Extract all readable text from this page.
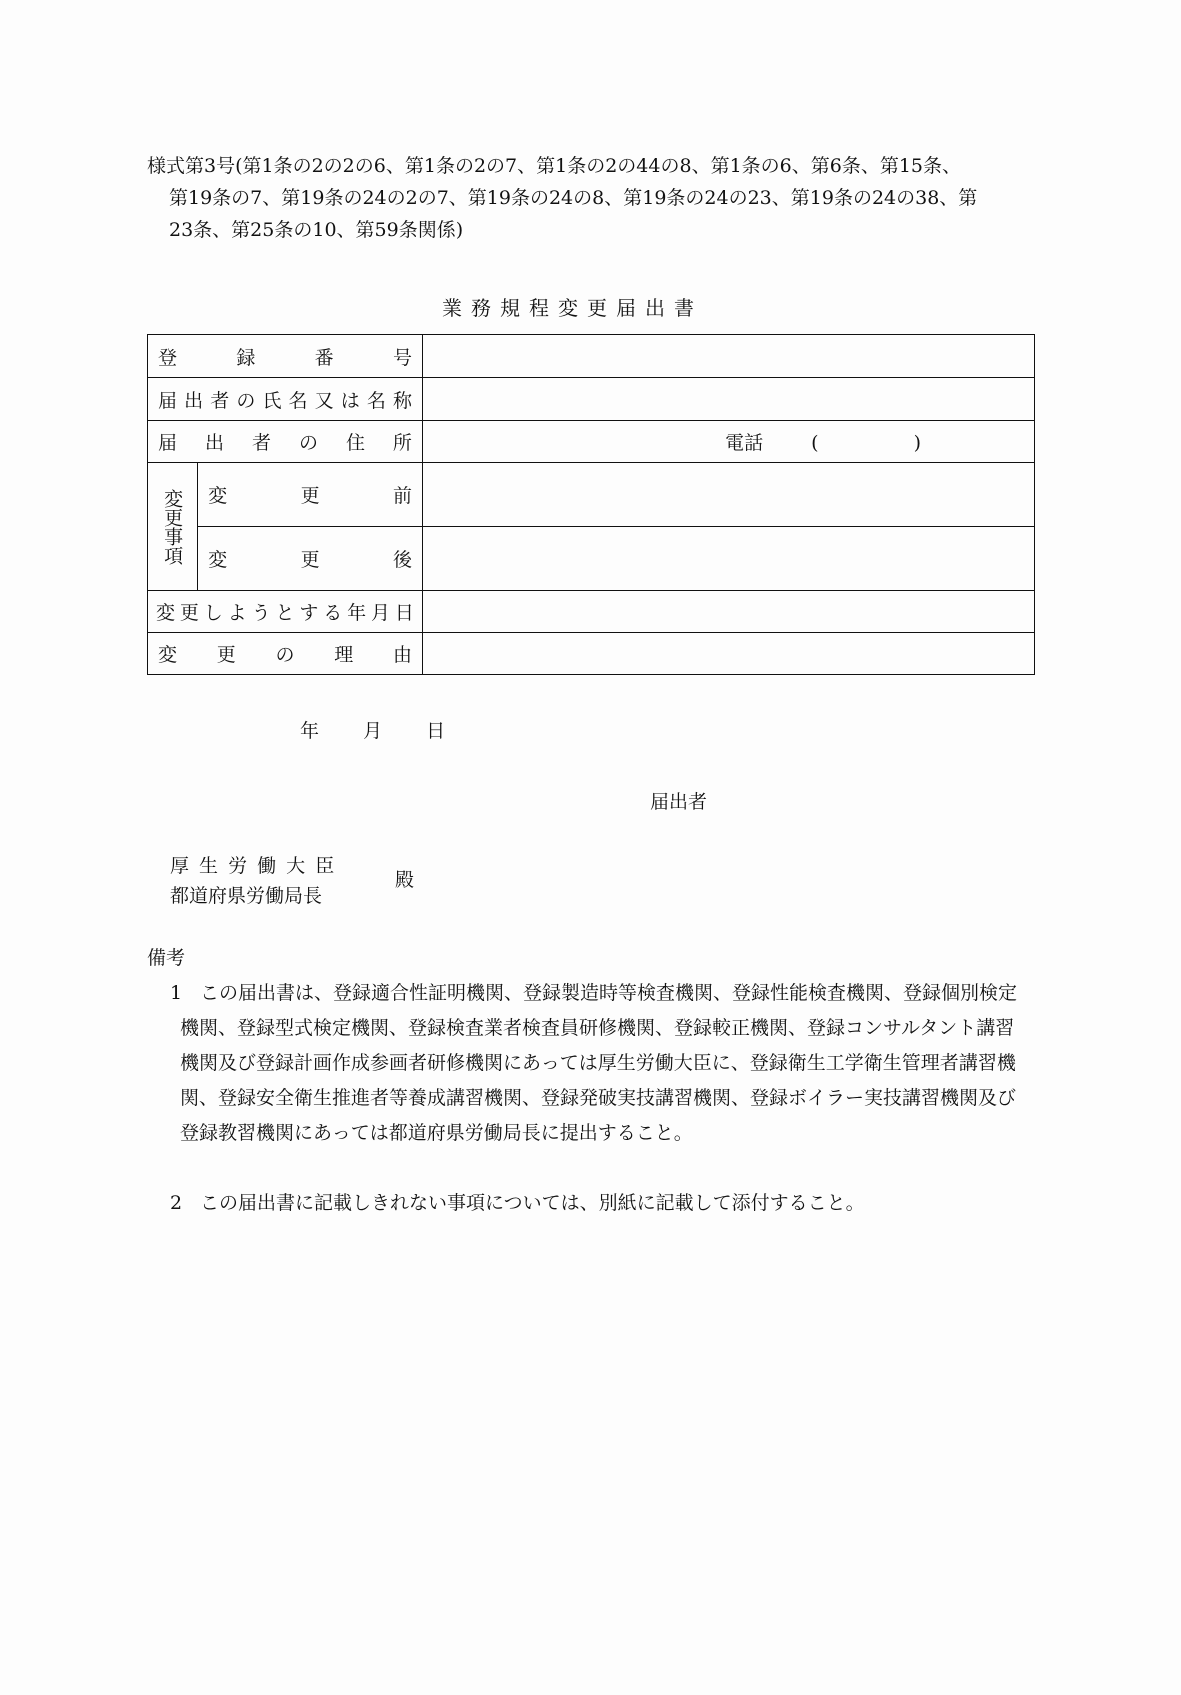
様式第3号(第1条の2の2の6、第1条の2の7、第1条の2の44の8、第1条の6、第6条、第15条、
第19条の7、第19条の24の2の7、第19条の24の8、第19条の24の23、第19条の24の38、第
23条、第25条の10、第59条関係)
業務規程変更届出書
登 録 番 号		

届 出 者 の 氏 名 又 は 名 称

届 出 者 の 住 所	電話	(　)

変更事項	変 更 前	

	変 更 後	

変 更 し よ う と す る 年 月 日

変 更 の 理 由		

年 月 日
届出者
厚 生 労 働 大 臣
都道府県労働局長
殿
備考
1 この届出書は、登録適合性証明機関、登録製造時等検査機関、登録性能検査機関、登録個別検定機関、登録型式検定機関、登録検査業者検査員研修機関、登録較正機関、登録コンサルタント講習機関及び登録計画作成参画者研修機関にあっては厚生労働大臣に、登録衛生工学衛生管理者講習機関、登録安全衛生推進者等養成講習機関、登録発破実技講習機関、登録ボイラー実技講習機関及び登録教習機関にあっては都道府県労働局長に提出すること。
2 この届出書に記載しきれない事項については、別紙に記載して添付すること。
